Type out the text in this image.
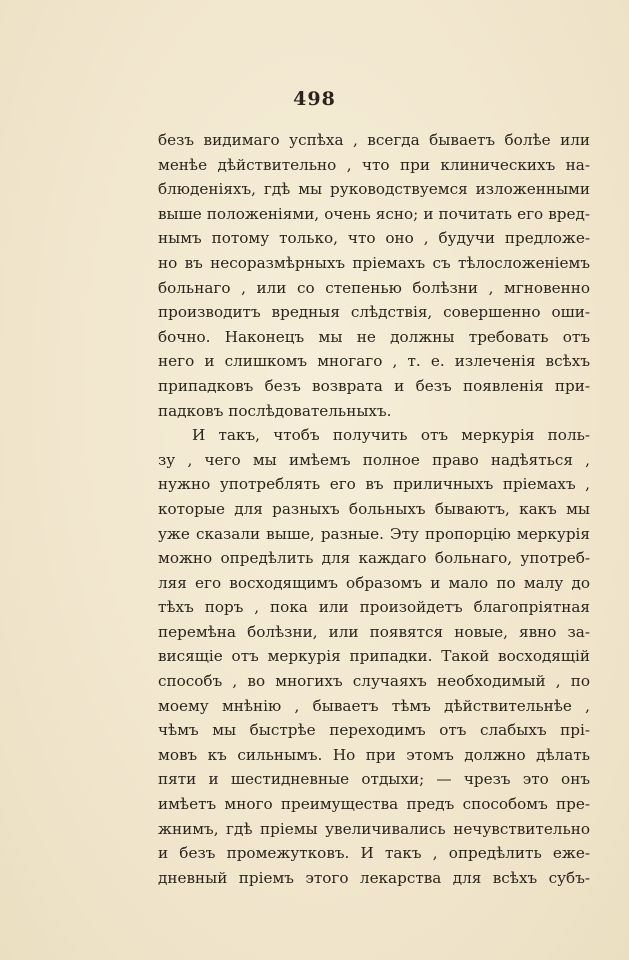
498
безъ видимаго успѣха , всегда бываетъ болѣе или
менѣе дѣйствительно , что при клиническихъ на-
блюденіяхъ, гдѣ мы руководствуемся изложенными
выше положеніями, очень ясно; и почитать его вред-
нымъ потому только, что оно , будучи предложе-
но въ несоразмѣрныхъ пріемахъ съ тѣлосложеніемъ
больнаго , или со степенью болѣзни , мгновенно
производитъ вредныя слѣдствія, совершенно оши-
бочно. Наконецъ мы не должны требовать отъ
него и слишкомъ многаго , т. е. излеченія всѣхъ
припадковъ безъ возврата и безъ появленія при-
падковъ послѣдовательныхъ.
И такъ, чтобъ получить отъ меркурія поль-
зу , чего мы имѣемъ полное право надѣяться ,
нужно употреблять его въ приличныхъ пріемахъ ,
которые для разныхъ больныхъ бываютъ, какъ мы
уже сказали выше, разные. Эту пропорцію меркурія
можно опредѣлить для каждаго больнаго, употреб-
ляя его восходящимъ образомъ и мало по малу до
тѣхъ поръ , пока или произойдетъ благопріятная
перемѣна болѣзни, или появятся новые, явно за-
висящіе отъ меркурія припадки. Такой восходящій
способъ , во многихъ случаяхъ необходимый , по
моему мнѣнію , бываетъ тѣмъ дѣйствительнѣе ,
чѣмъ мы быстрѣе переходимъ отъ слабыхъ прі-
мовъ къ сильнымъ. Но при этомъ должно дѣлать
пяти и шестидневные отдыхи; — чрезъ это онъ
имѣетъ много преимущества предъ способомъ пре-
жнимъ, гдѣ пріемы увеличивались нечувствительно
и безъ промежутковъ. И такъ , опредѣлить еже-
дневный пріемъ этого лекарства для всѣхъ субъ-
